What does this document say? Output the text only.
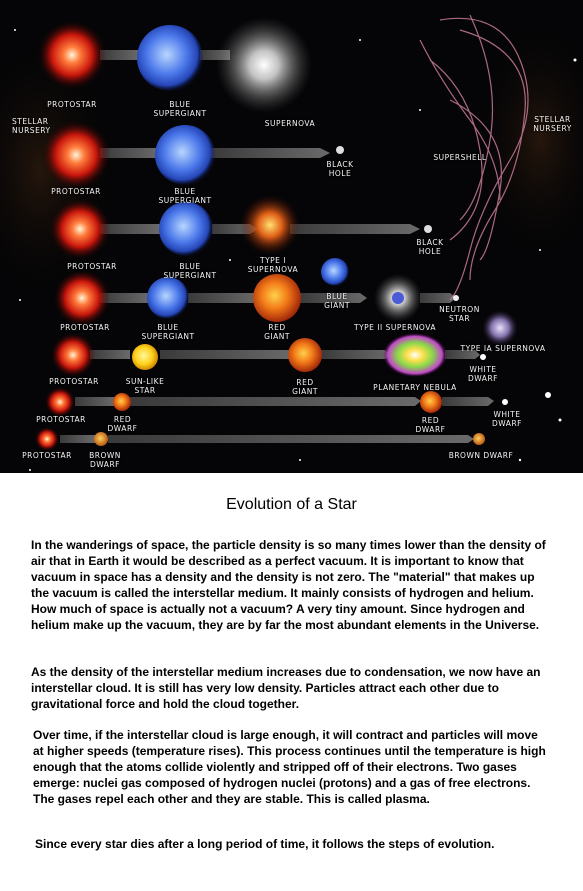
PROTOSTAR	BLUE
SUPERGIANT
SUPERNOVA
STELLAR
NURSERY
STELLAR
NURSERY
SUPERSHELL
BLACK
HOLE
PROTOSTAR	BLUE
SUPERGIANT
TYPE I
SUPERNOVA
BLACK
HOLE
PROTOSTAR	BLUE
SUPERGIANT
BLUE
GIANT
TYPE II SUPERNOVA
NEUTRON
STAR
PROTOSTAR	BLUE
SUPERGIANT
RED
GIANT
TYPE IA SUPERNOVA
PROTOSTAR	SUN-LIKE
STAR
RED
GIANT	PLANETARY NEBULA
WHITE
DWARF
PROTOSTAR	RED
DWARF
RED
DWARF
WHITE
DWARF
PROTOSTAR	BROWN
DWARF
BROWN DWARF
Evolution of a Star

In the wanderings of space, the particle density is so many times lower than the density of air that in Earth it would be described as a perfect vacuum. It is important to know that vacuum in space has a density and the density is not zero. The "material" that makes up the vacuum is called the interstellar medium. It mainly consists of hydrogen and helium. How much of space is actually not a vacuum? A very tiny amount. Since hydrogen and helium make up the vacuum, they are by far the most abundant elements in the Universe.

As the density of the interstellar medium increases due to condensation, we now have an interstellar cloud. It is still has very low density. Particles attract each other due to gravitational force and hold the cloud together.

Over time, if the interstellar cloud is large enough, it will contract and particles will move at higher speeds (temperature rises). This process continues until the temperature is high enough that the atoms collide violently and stripped off of their electrons. Two gases emerge: nuclei gas composed of hydrogen nuclei (protons) and a gas of free electrons. The gases repel each other and they are stable. This is called plasma.

Since every star dies after a long period of time, it follows the steps of evolution.
